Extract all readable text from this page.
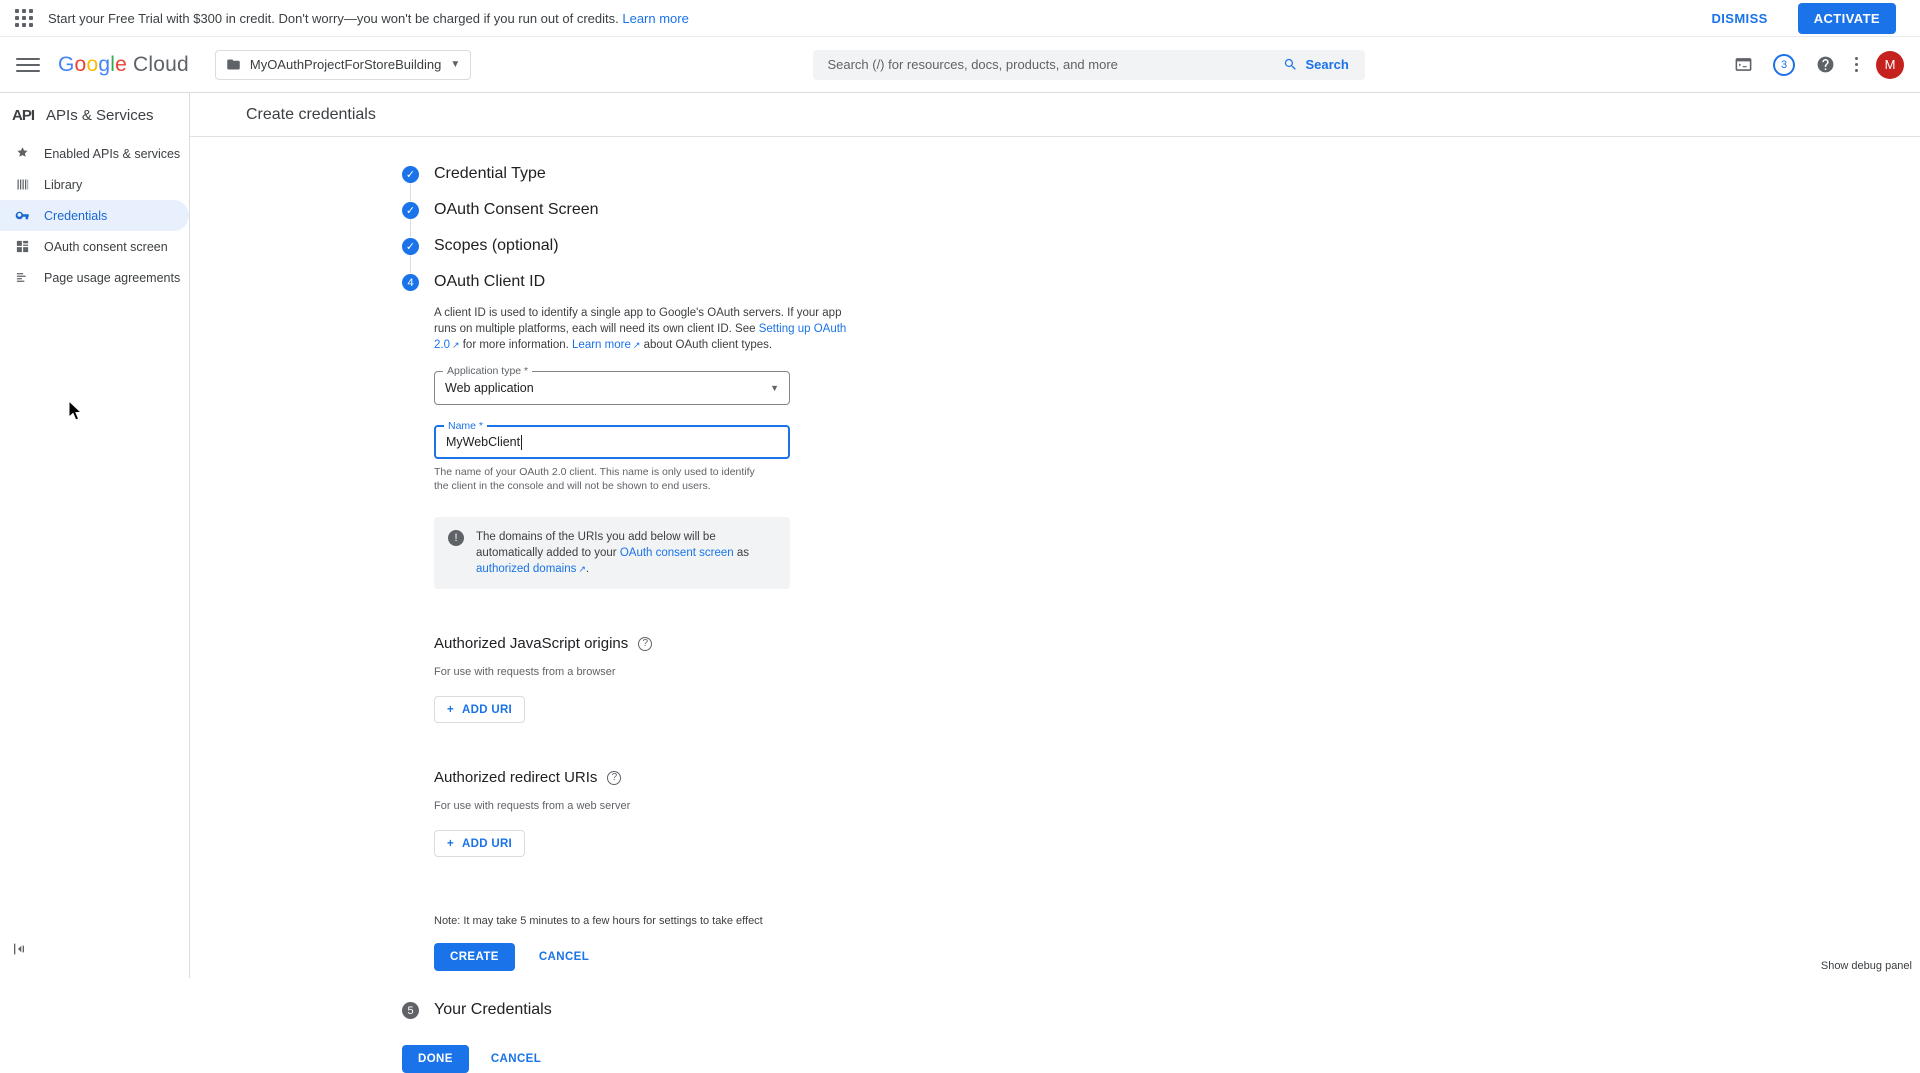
Start your Free Trial with $300 in credit. Don't worry—you won't be charged if you run out of credits. Learn more	DISMISS	ACTIVATE
Google Cloud	MyOAuthProjectForStoreBuilding ▼
Search (/) for resources, docs, products, and more	Search	3	M
API APIs & Services
Enabled APIs & services
Library
Credentials
OAuth consent screen
Page usage agreements
Create credentials
✓ Credential Type
✓ OAuth Consent Screen
✓ Scopes (optional)
4	OAuth Client ID

A client ID is used to identify a single app to Google's OAuth servers. If your app runs on multiple platforms, each will need its own client ID. See Setting up OAuth 2.0 ↗ for more information. Learn more ↗ about OAuth client types.

Application type *
Web application	▼
Name *
MyWebClient

The name of your OAuth 2.0 client. This name is only used to identify the client in the console and will not be shown to end users.

!	The domains of the URIs you add below will be automatically added to your OAuth consent screen as authorized domains ↗ .
Authorized JavaScript origins	?

For use with requests from a browser

+ ADD URI
Authorized redirect URIs	?

For use with requests from a web server

+ ADD URI

Note: It may take 5 minutes to a few hours for settings to take effect

CREATE	CANCEL
5	Your Credentials
DONE	CANCEL
Show debug panel
